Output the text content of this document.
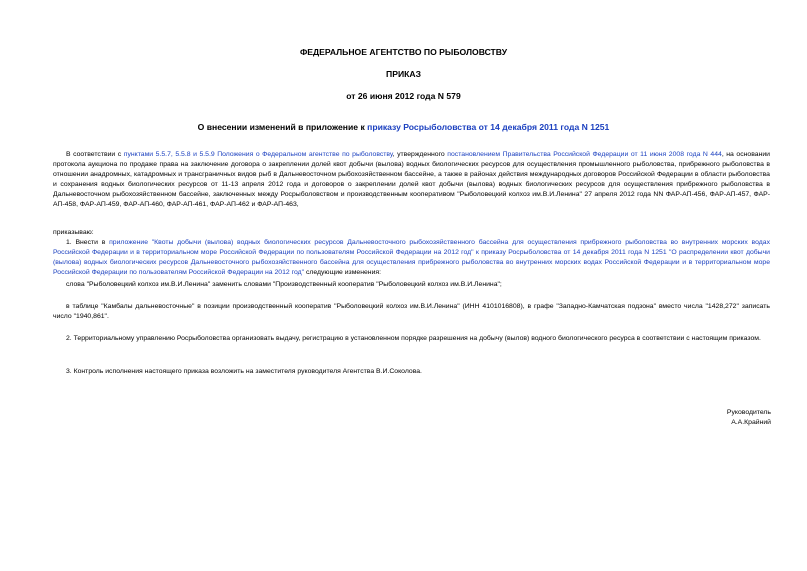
ФЕДЕРАЛЬНОЕ АГЕНТСТВО ПО РЫБОЛОВСТВУ
ПРИКАЗ
от 26 июня 2012 года N 579
О внесении изменений в приложение к приказу Росрыболовства от 14 декабря 2011 года N 1251
В соответствии с пунктами 5.5.7, 5.5.8 и 5.5.9 Положения о Федеральном агентстве по рыболовству, утвержденного постановлением Правительства Российской Федерации от 11 июня 2008 года N 444, на основании протокола аукциона по продаже права на заключение договора о закреплении долей квот добычи (вылова) водных биологических ресурсов для осуществления промышленного рыболовства, прибрежного рыболовства в отношении анадромных, катадромных и трансграничных видов рыб в Дальневосточном рыбохозяйственном бассейне, а также в районах действия международных договоров Российской Федерации в области рыболовства и сохранения водных биологических ресурсов от 11-13 апреля 2012 года и договоров о закреплении долей квот добычи (вылова) водных биологических ресурсов для осуществления прибрежного рыболовства в Дальневосточном рыбохозяйственном бассейне, заключенных между Росрыболовством и производственным кооперативом "Рыболовецкий колхоз им.В.И.Ленина" 27 апреля 2012 года NN ФАР-АП-456, ФАР-АП-457, ФАР-АП-458, ФАР-АП-459, ФАР-АП-460, ФАР-АП-461, ФАР-АП-462 и ФАР-АП-463,
приказываю:
1. Внести в приложение "Квоты добычи (вылова) водных биологических ресурсов Дальневосточного рыбохозяйственного бассейна для осуществления прибрежного рыболовства во внутренних морских водах Российской Федерации и в территориальном море Российской Федерации по пользователям Российской Федерации на 2012 год" к приказу Росрыболовства от 14 декабря 2011 года N 1251 "О распределении квот добычи (вылова) водных биологических ресурсов Дальневосточного рыбохозяйственного бассейна для осуществления прибрежного рыболовства во внутренних морских водах Российской Федерации и в территориальном море Российской Федерации по пользователям Российской Федерации на 2012 год" следующие изменения:
слова "Рыболовецкий колхоз им.В.И.Ленина" заменить словами "Производственный кооператив "Рыболовецкий колхоз им.В.И.Ленина";
в таблице "Камбалы дальневосточные" в позиции производственный кооператив "Рыболовецкий колхоз им.В.И.Ленина" (ИНН 4101016808), в графе "Западно-Камчатская подзона" вместо числа "1428,272" записать число "1940,861".
2. Территориальному управлению Росрыболовства организовать выдачу, регистрацию в установленном порядке разрешения на добычу (вылов) водного биологического ресурса в соответствии с настоящим приказом.
3. Контроль исполнения настоящего приказа возложить на заместителя руководителя Агентства В.И.Соколова.
Руководитель
А.А.Крайний
